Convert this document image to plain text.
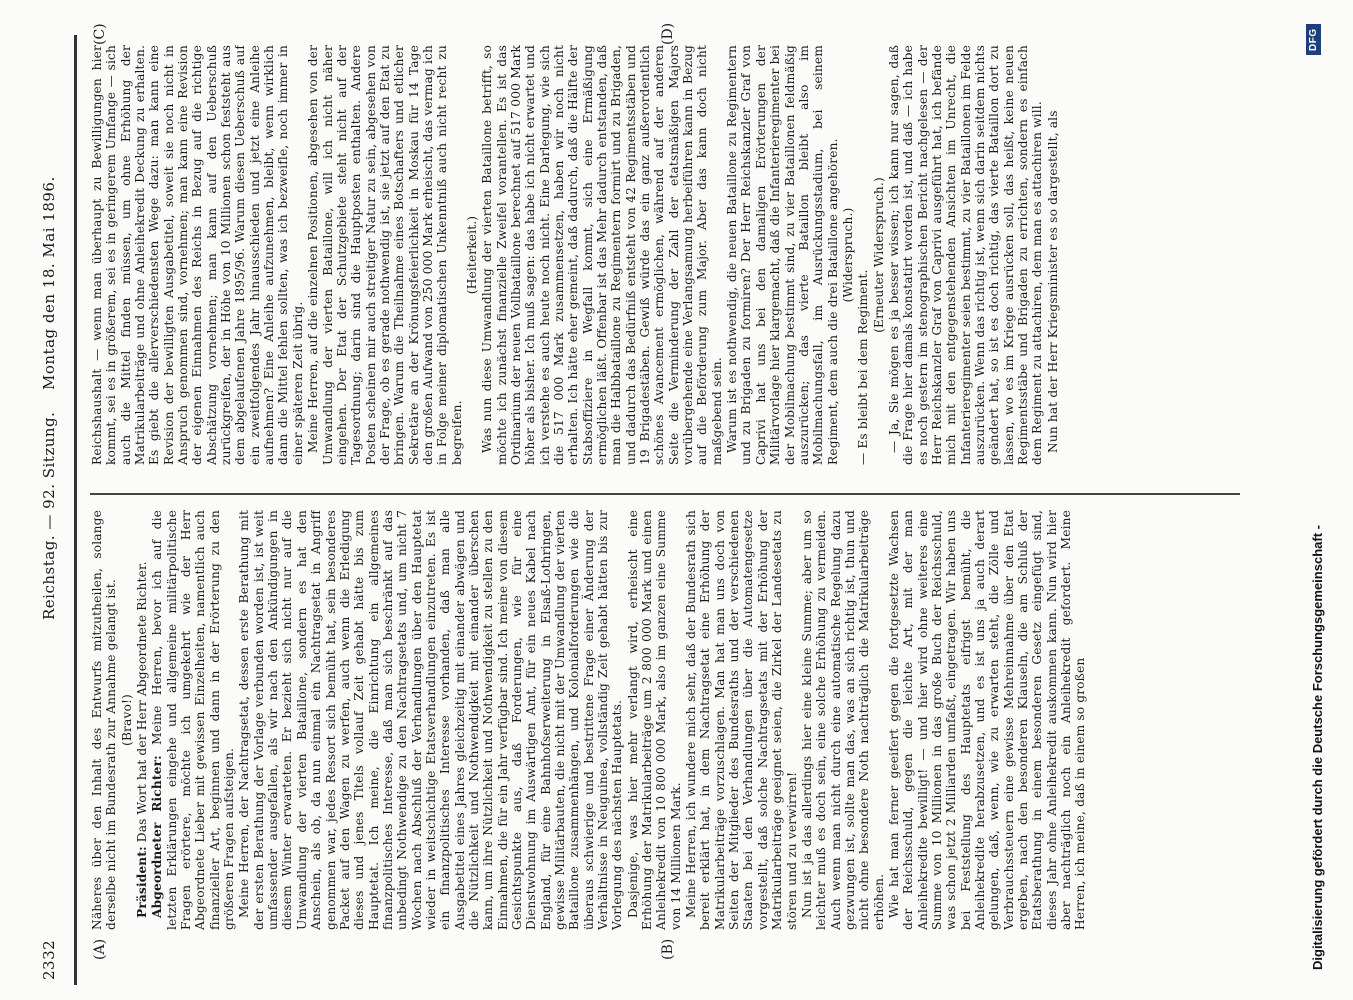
2332
Reichstag. — 92. Sitzung.
Montag den 18. Mai 1896.
(A)	(B)
(C)	(D)

Näheres über den Inhalt des Entwurfs mitzutheilen, solange derselbe nicht im Bundesrath zur Annahme gelangt ist. (Bravo!)

Präsident: Das Wort hat der Herr Abgeordnete Richter. Abgeordneter Richter: Meine Herren, bevor ich auf die letzten Erklärungen eingehe und allgemeine militärpolitische Fragen erörtere, möchte ich umgekehrt wie der Herr Abgeordnete Lieber mit gewissen Einzelheiten, namentlich auch finanzieller Art, beginnen und dann in der Erörterung zu den größeren Fragen aufsteigen. Meine Herren, der Nachtragsetat, dessen erste Berathung mit der ersten Berathung der Vorlage verbunden worden ist, ist weit umfassender ausgefallen, als wir nach den Ankündigungen in diesem Winter erwarteten. Er bezieht sich nicht nur auf die Umwandlung der vierten Bataillone, sondern es hat den Anschein, als ob, da nun einmal ein Nachtragsetat in Angriff genommen war, jedes Ressort sich bemüht hat, sein besonderes Packet auf den Wagen zu werfen, auch wenn die Erledigung dieses und jenes Titels vollauf Zeit gehabt hätte bis zum Hauptetat. Ich meine, die Einrichtung ein allgemeines finanzpolitisches Interesse, daß man sich beschränkt auf das unbedingt Nothwendige zu den Nachtragsetats und, um nicht 7 Wochen nach Abschluß der Verhandlungen über den Hauptetat wieder in weitschichtige Etatsverhandlungen einzutreten. Es ist ein finanzpolitisches Interesse vorhanden, daß man alle Ausgabetitel eines Jahres gleichzeitig mit einander abwägen und die Nützlichkeit und Nothwendigkeit mit einander überschen kann, um ihre Nützlichkeit und Nothwendigkeit zu stellen zu den Einnahmen, die für ein Jahr verfügbar sind. Ich meine von diesem Gesichtspunkte aus, daß Forderungen, wie für eine Dienstwohnung im Auswärtigen Amt, für ein neues Kabel nach England, für eine Bahnhofserweiterung in Elsaß-Lothringen, gewisse Militärbauten, die nicht mit der Umwandlung der vierten Bataillone zusammenhängen, und Kolonialforderungen wie die überaus schwierige und bestrittene Frage einer Änderung der Verhältnisse in Neuguinea, vollständig Zeit gehabt hätten bis zur Vorlegung des nächsten Hauptetats. Dasjenige, was hier mehr verlangt wird, erheischt eine Erhöhung der Matrikularbeiträge um 2 800 000 Mark und einen Anleihekredit von 10 800 000 Mark, also im ganzen eine Summe von 14 Millionen Mark. Meine Herren, ich wundere mich sehr, daß der Bundesrath sich bereit erklärt hat, in dem Nachtragsetat eine Erhöhung der Matrikularbeiträge vorzuschlagen. Man hat man uns doch von Seiten der Mitglieder des Bundesraths und der verschiedenen Staaten bei den Verhandlungen über die Automatengesetze vorgestellt, daß solche Nachtragsetats mit der Erhöhung der Matrikularbeiträge geeignet seien, die Zirkel der Landesetats zu stören und zu verwirren! Nun ist ja das allerdings hier eine kleine Summe; aber um so leichter muß es doch sein, eine solche Erhöhung zu vermeiden. Auch wenn man nicht durch eine automatische Regelung dazu gezwungen ist, sollte man das, was an sich richtig ist, thun und nicht ohne besondere Noth nachträglich die Matrikularbeiträge erhöhen. Wie hat man ferner geeifert gegen die fortgesetzte Wachsen der Reichsschuld, gegen die leichte Art, mit der man Anleihekredite bewilligt! — und hier wird ohne weiteres eine Summe von 10 Millionen in das große Buch der Reichsschuld, was schon jetzt 2 Milliarden umfaßt, eingetragen. Wir haben uns bei Feststellung des Hauptetats eifrigst bemüht, die Anleihekredite herabzusetzen, und es ist uns ja auch derart gelungen, daß, wenn, wie zu erwarten steht, die Zölle und Verbrauchssteuern eine gewisse Mehreinnahme über den Etat ergeben, nach den besonderen Klauseln, die am Schluß der Etatsberathung in einem besonderen Gesetz eingefügt sind, dieses Jahr ohne Anleihekredit auskommen kann. Nun wird hier aber nachträglich noch ein Anleihekredit gefordert. Meine Herren, ich meine, daß in einem so großen

Reichshaushalt — wenn man überhaupt zu Bewilligungen hier kommt, sei es in größerem, sei es in geringerem Umfange — sich auch die Mittel finden müssen, um ohne Erhöhung der Matrikularbeiträge und ohne Anleihekredit Deckung zu erhalten. Es giebt die allerverschiedensten Wege dazu: man kann eine Revision der bewilligten Ausgabetitel, soweit sie noch nicht in Anspruch genommen sind, vornehmen; man kann eine Revision der eigenen Einnahmen des Reichs in Bezug auf die richtige Abschätzung vornehmen; man kann auf den Ueberschuß zurückgreifen, der in Höhe von 10 Millionen schon feststeht aus dem abgelaufenen Jahre 1895/96. Warum diesen Ueberschuß auf ein zweitfolgendes Jahr hinausschieden und jetzt eine Anleihe aufnehmen? Eine Anleihe aufzunehmen, bleibt, wenn wirklich dann die Mittel fehlen sollten, was ich bezweifle, noch immer in einer späteren Zeit übrig. Meine Herren, auf die einzelnen Positionen, abgesehen von der Umwandlung der vierten Bataillone, will ich nicht näher eingehen. Der Etat der Schutzgebiete steht nicht auf der Tagesordnung; darin sind die Hauptposten enthalten. Andere Posten scheinen mir auch streitiger Natur zu sein, abgesehen von der Frage, ob es gerade nothwendig ist, sie jetzt auf den Etat zu bringen. Warum die Theilnahme eines Botschafters und etlicher Sekretäre an der Krönungsfeierlichkeit in Moskau für 14 Tage den großen Aufwand von 250 000 Mark erheischt, das vermag ich in Folge meiner diplomatischen Unkenntniß auch nicht recht zu begreifen.

(Heiterkeit.) Was nun diese Umwandlung der vierten Bataillone betrifft, so möchte ich zunächst finanzielle Zweifel vorantellen. Es ist das Ordinarium der neuen Vollbataillone berechnet auf 517 000 Mark höher als bisher. Ich muß sagen: das habe ich nicht erwartet und ich verstehe es auch heute noch nicht. Eine Darlegung, wie sich die 517 000 Mark zusammensetzen, haben wir noch nicht erhalten. Ich hätte eher gemeint, daß dadurch, daß die Hälfte der Stabsoffiziere in Wegfall kommt, sich eine Ermäßigung ermöglichen läßt. Offenbar ist das Mehr dadurch entstanden, daß man die Halbbataillone zu Regimentern formirt und zu Brigaden, und dadurch das Bedürfniß entsteht von 42 Regimentsstäben und 19 Brigadestäben. Gewiß würde das ein ganz außerordentlich schönes Avancement ermöglichen, während auf der anderen Seite die Verminderung der Zahl der etatsmäßigen Majors vorübergehende eine Verlangsamung herbeiführen kann in Bezug auf die Beförderung zum Major. Aber das kann doch nicht maßgebend sein. Warum ist es nothwendig, die neuen Bataillone zu Regimentern und zu Brigaden zu formiren? Der Herr Reichskanzler Graf von Caprivi hat uns bei den damaligen Erörterungen der Militärvorlage hier klargemacht, daß die Infanterieregimenter bei der Mobilmachung bestimmt sind, zu vier Bataillonen feldmäßig auszurücken; das vierte Bataillon bleibt also im Mobilmachungsfall, im Ausrückungsstadium, bei seinem Regiment, dem auch die drei Bataillone angehören. (Widerspruch.)

— Es bleibt bei dem Regiment.

(Erneuter Widerspruch.) — Ja, Sie mögen es ja besser wissen; ich kann nur sagen, daß die Frage hier damals konstatirt worden ist, und daß — ich habe es noch gestern im stenographischen Bericht nachgelesen — der Herr Reichskanzler Graf von Caprivi ausgeführt hat, ich befände mich mit den entgegenstehenden Ansichten im Unrecht, die Infanterieregimenter seien bestimmt, zu vier Bataillonen im Felde auszurücken. Wenn das richtig ist, wenn sich darin seitdem nichts geändert hat, so ist es doch richtig, das vierte Bataillon dort zu lassen, wo es im Kriege ausrücken soll, das heißt, keine neuen Regimentsstäbe und Brigaden zu errichten, sondern es einfach dem Regiment zu attachiren, dem man es attachiren will. Nun hat der Herr Kriegsminister es so dargestellt, als

Digitalisierung gefördert durch die Deutsche Forschungsgemeinschaft -
DFG
